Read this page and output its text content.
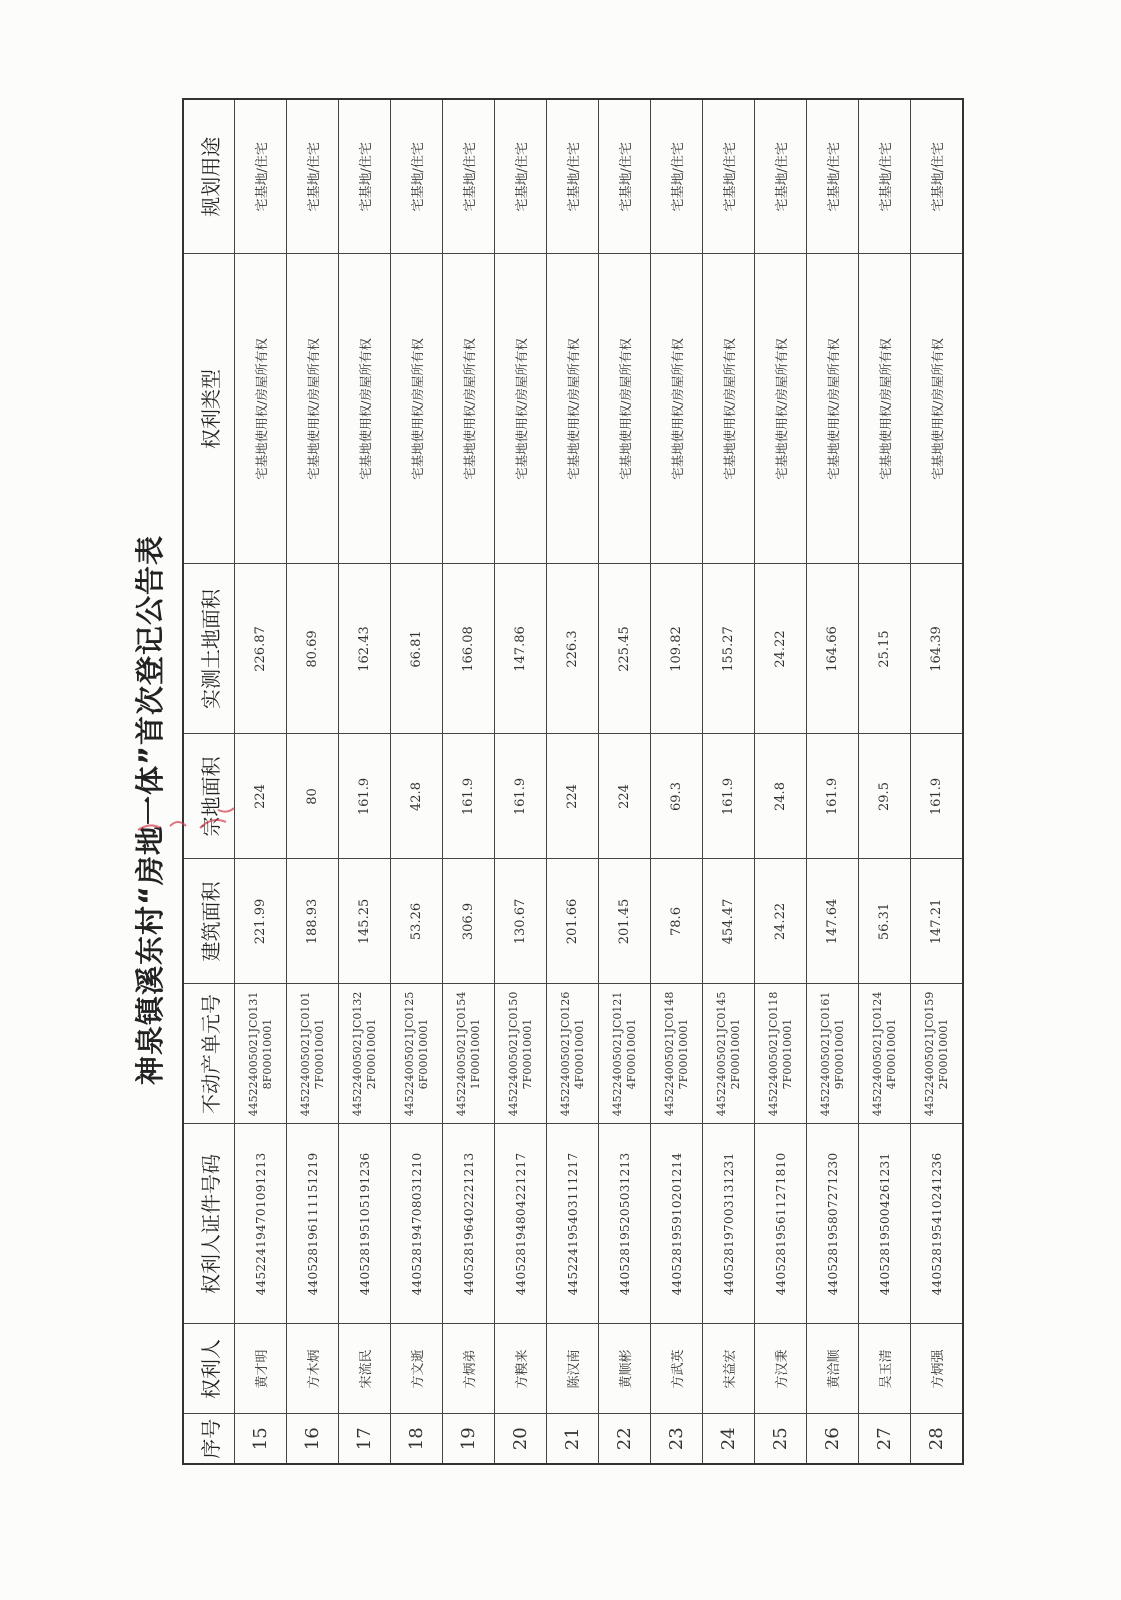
神泉镇溪东村“房地一体”首次登记公告表
序号	权利人	权利人证件号码	不动产单元号	建筑面积	宗地面积	实测土地面积	权利类型	规划用途
15	黄才明	445224194701091213	445224005021JC01318F00010001	221.99	224	226.87	宅基地使用权/房屋所有权	宅基地/住宅
16	方木炳	440528196111151219	445224005021JC01017F00010001	188.93	80	80.69	宅基地使用权/房屋所有权	宅基地/住宅
17	宋流民	440528195105191236	445224005021JC01322F00010001	145.25	161.9	162.43	宅基地使用权/房屋所有权	宅基地/住宅
18	方文逝	440528194708031210	445224005021JC01256F00010001	53.26	42.8	66.81	宅基地使用权/房屋所有权	宅基地/住宅
19	方炳弟	440528196402221213	445224005021JC01541F00010001	306.9	161.9	166.08	宅基地使用权/房屋所有权	宅基地/住宅
20	方糗来	440528194804221217	445224005021JC01507F00010001	130.67	161.9	147.86	宅基地使用权/房屋所有权	宅基地/住宅
21	陈汉南	445224195403111217	445224005021JC01264F00010001	201.66	224	226.3	宅基地使用权/房屋所有权	宅基地/住宅
22	黄顺彬	440528195205031213	445224005021JC01214F00010001	201.45	224	225.45	宅基地使用权/房屋所有权	宅基地/住宅
23	方武英	440528195910201214	445224005021JC01487F00010001	78.6	69.3	109.82	宅基地使用权/房屋所有权	宅基地/住宅
24	宋益宏	440528197003131231	445224005021JC01452F00010001	454.47	161.9	155.27	宅基地使用权/房屋所有权	宅基地/住宅
25	方汉秉	440528195611271810	445224005021JC01187F00010001	24.22	24.8	24.22	宅基地使用权/房屋所有权	宅基地/住宅
26	黄洽顺	440528195807271230	445224005021JC01619F00010001	147.64	161.9	164.66	宅基地使用权/房屋所有权	宅基地/住宅
27	吴玉清	440528195004261231	445224005021JC01244F00010001	56.31	29.5	25.15	宅基地使用权/房屋所有权	宅基地/住宅
28	方炳强	440528195410241236	445224005021JC01592F00010001	147.21	161.9	164.39	宅基地使用权/房屋所有权	宅基地/住宅
